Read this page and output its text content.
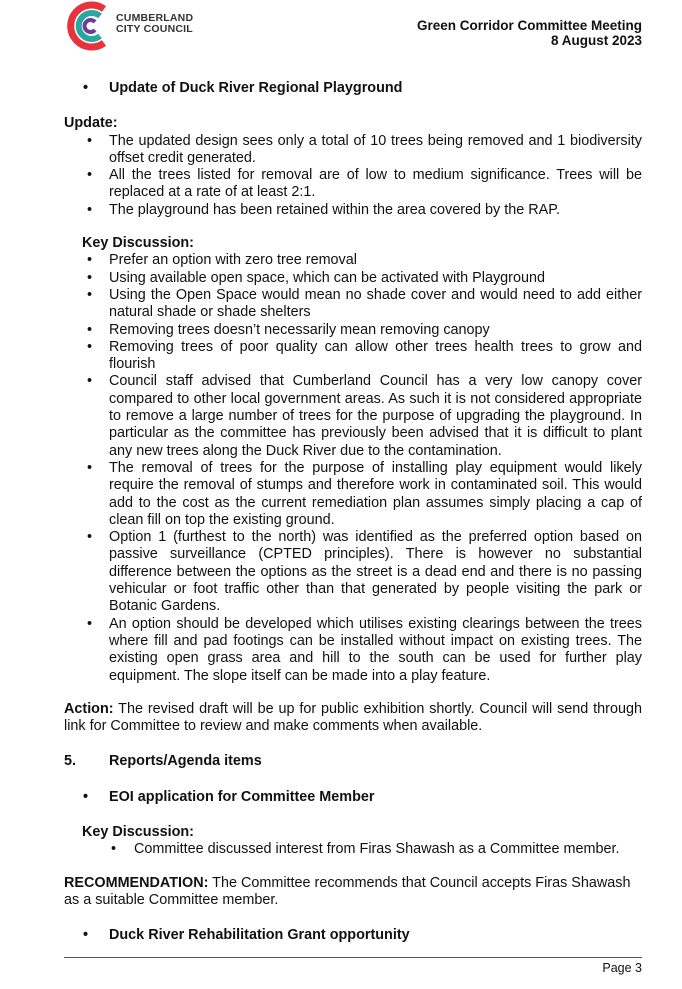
CUMBERLAND
CITY COUNCIL	Green Corridor Committee Meeting
8 August 2023

• Update of Duck River Regional Playground

Update:
• The updated design sees only a total of 10 trees being removed and 1 biodiversity offset credit generated.
• All the trees listed for removal are of low to medium significance. Trees will be replaced at a rate of at least 2:1.
• The playground has been retained within the area covered by the RAP.
Key Discussion:
• Prefer an option with zero tree removal
• Using available open space, which can be activated with Playground
• Using the Open Space would mean no shade cover and would need to add either natural shade or shade shelters
• Removing trees doesn’t necessarily mean removing canopy
• Removing trees of poor quality can allow other trees health trees to grow and flourish
• Council staff advised that Cumberland Council has a very low canopy cover compared to other local government areas. As such it is not considered appropriate to remove a large number of trees for the purpose of upgrading the playground. In particular as the committee has previously been advised that it is difficult to plant any new trees along the Duck River due to the contamination.
• The removal of trees for the purpose of installing play equipment would likely require the removal of stumps and therefore work in contaminated soil. This would add to the cost as the current remediation plan assumes simply placing a cap of clean fill on top the existing ground.
• Option 1 (furthest to the north) was identified as the preferred option based on passive surveillance (CPTED principles). There is however no substantial difference between the options as the street is a dead end and there is no passing vehicular or foot traffic other than that generated by people visiting the park or Botanic Gardens.
• An option should be developed which utilises existing clearings between the trees where fill and pad footings can be installed without impact on existing trees. The existing open grass area and hill to the south can be used for further play equipment. The slope itself can be made into a play feature.
Action: The revised draft will be up for public exhibition shortly. Council will send through link for Committee to review and make comments when available.
5. Reports/Agenda items

• EOI application for Committee Member

Key Discussion:
• Committee discussed interest from Firas Shawash as a Committee member.
RECOMMENDATION: The Committee recommends that Council accepts Firas Shawash as a suitable Committee member.

• Duck River Rehabilitation Grant opportunity

Page 3
